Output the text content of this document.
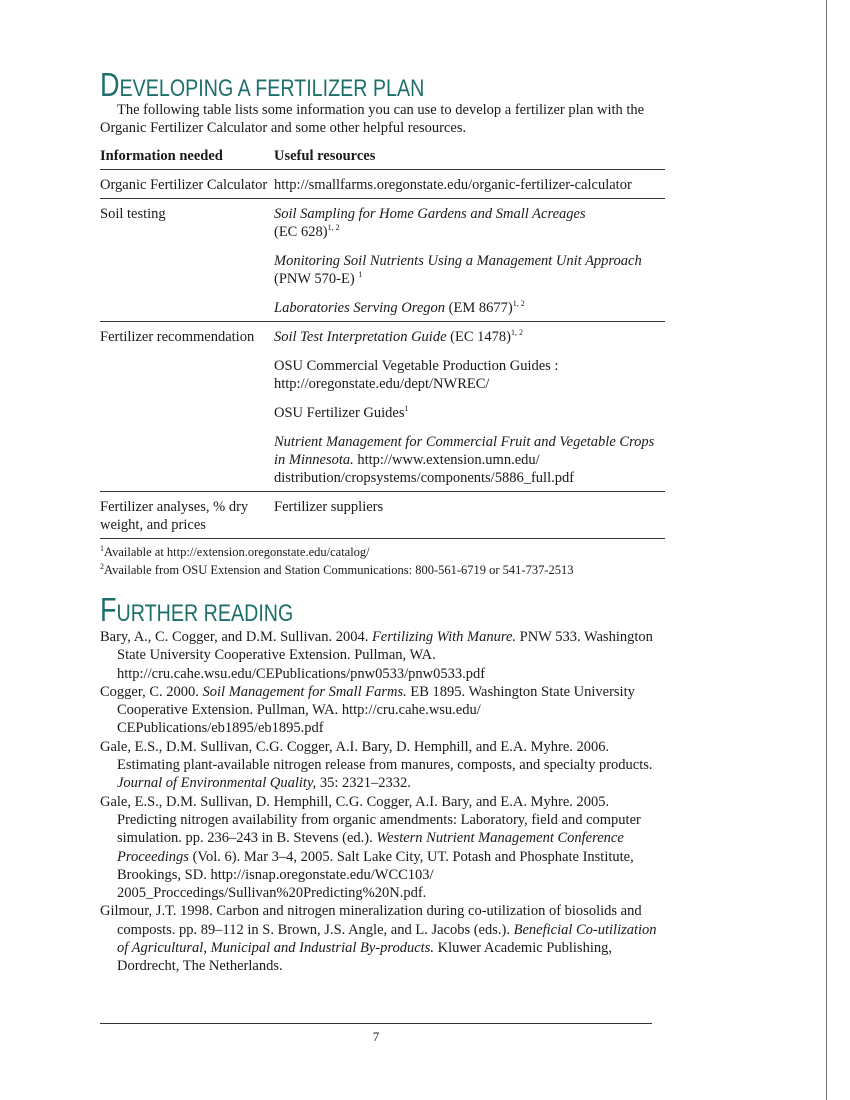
DEVELOPING A FERTILIZER PLAN

The following table lists some information you can use to develop a fertilizer plan with the Organic Fertilizer Calculator and some other helpful resources.

Information needed	Useful resources
Organic Fertilizer Calculator	http://smallfarms.oregonstate.edu/organic-fertilizer-calculator

Soil testing	Soil Sampling for Home Gardens and Small Acreages
(EC 628)$^{1, 2}$
Monitoring Soil Nutrients Using a Management Unit Approach (PNW 570-E) $^1$
Laboratories Serving Oregon (EM 8677)$^{1, 2}$

Fertilizer recommendation	Soil Test Interpretation Guide (EC 1478)$^{1, 2}$
OSU Commercial Vegetable Production Guides : http://oregonstate.edu/dept/NWREC/
OSU Fertilizer Guides$^1$
Nutrient Management for Commercial Fruit and Vegetable Crops in Minnesota. http://www.extension.umn.edu/ distribution/cropsystems/components/5886_full.pdf

Fertilizer analyses, % dry weight, and prices	Fertilizer suppliers
$^1$Available at http://extension.oregonstate.edu/catalog/
$^2$Available from OSU Extension and Station Communications: 800-561-6719 or 541-737-2513
FURTHER READING

Bary, A., C. Cogger, and D.M. Sullivan. 2004. Fertilizing With Manure. PNW 533. Washington State University Cooperative Extension. Pullman, WA. http://cru.cahe.wsu.edu/CEPublications/pnw0533/pnw0533.pdf

Cogger, C. 2000. Soil Management for Small Farms. EB 1895. Washington State University Cooperative Extension. Pullman, WA. http://cru.cahe.wsu.edu/ CEPublications/eb1895/eb1895.pdf

Gale, E.S., D.M. Sullivan, C.G. Cogger, A.I. Bary, D. Hemphill, and E.A. Myhre. 2006. Estimating plant-available nitrogen release from manures, composts, and specialty products. Journal of Environmental Quality, 35: 2321–2332.

Gale, E.S., D.M. Sullivan, D. Hemphill, C.G. Cogger, A.I. Bary, and E.A. Myhre. 2005. Predicting nitrogen availability from organic amendments: Laboratory, field and computer simulation. pp. 236–243 in B. Stevens (ed.). Western Nutrient Management Conference Proceedings (Vol. 6). Mar 3–4, 2005. Salt Lake City, UT. Potash and Phosphate Institute, Brookings, SD. http://isnap.oregonstate.edu/WCC103/ 2005_Proccedings/Sullivan%20Predicting%20N.pdf.

Gilmour, J.T. 1998. Carbon and nitrogen mineralization during co-utilization of biosolids and composts. pp. 89–112 in S. Brown, J.S. Angle, and L. Jacobs (eds.). Beneficial Co-utilization of Agricultural, Municipal and Industrial By-products. Kluwer Academic Publishing, Dordrecht, The Netherlands.

7
